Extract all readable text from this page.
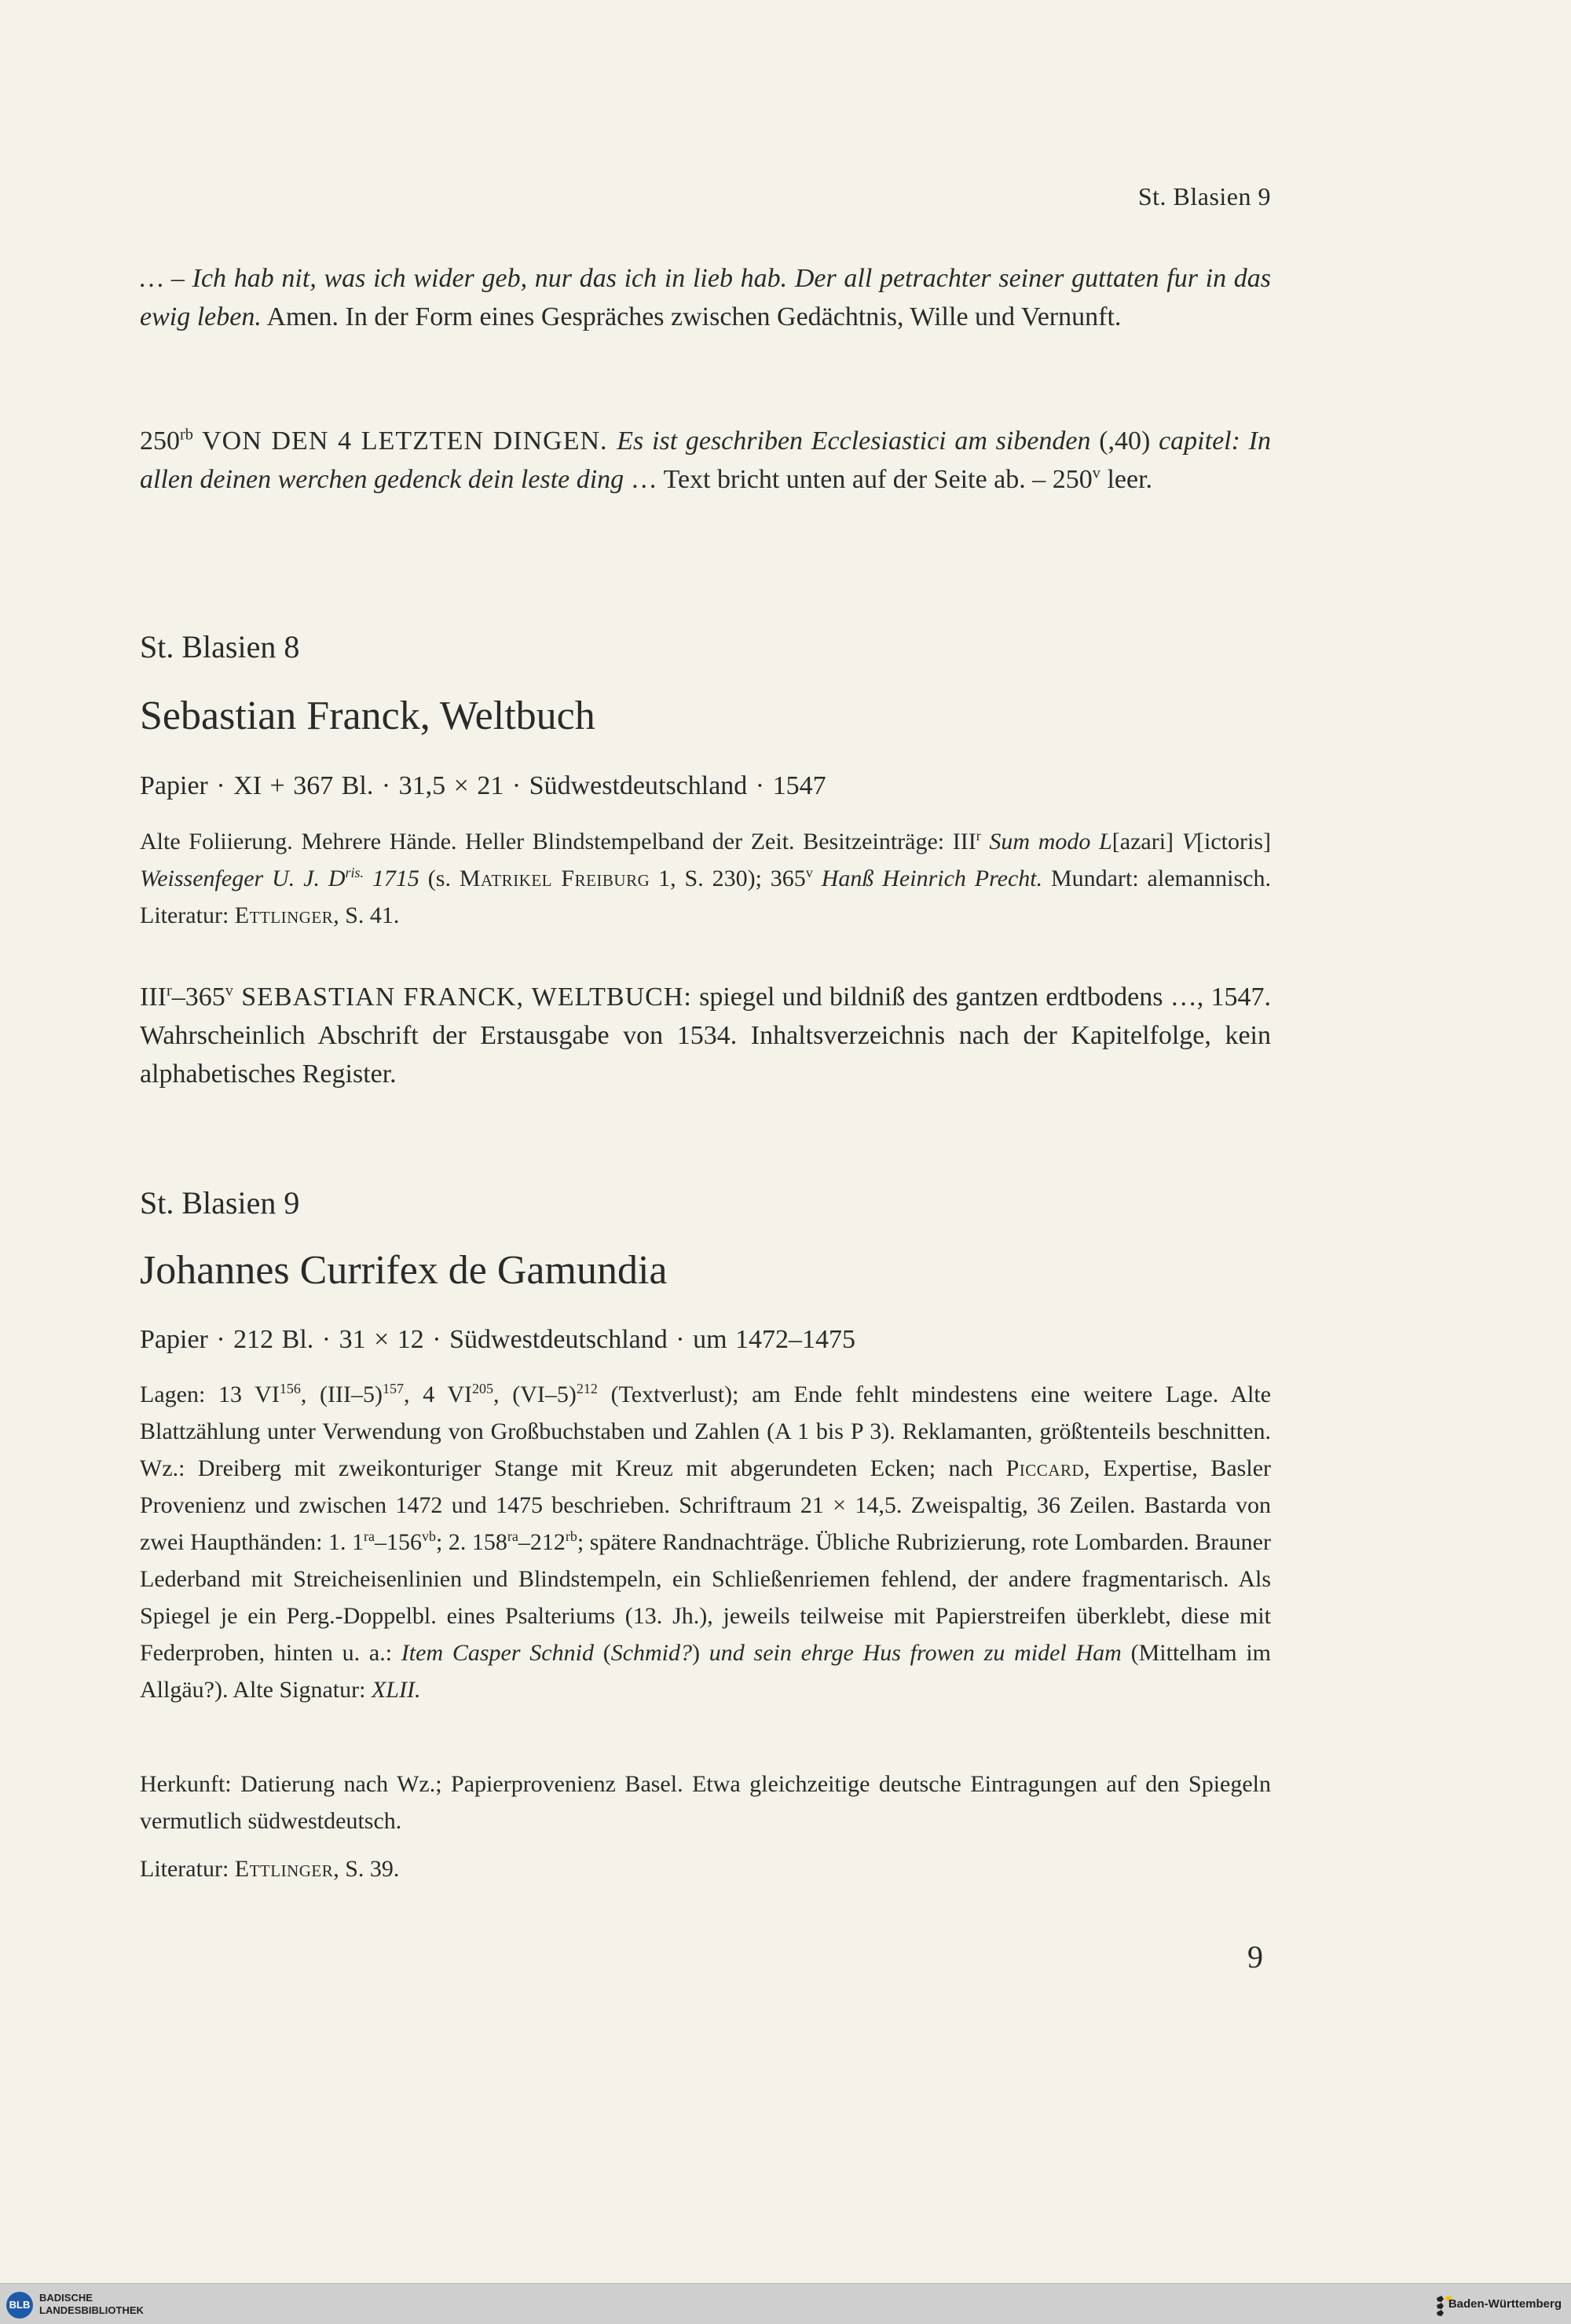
St. Blasien 9

… – Ich hab nit, was ich wider geb, nur das ich in lieb hab. Der all petrachter seiner guttaten fur in das ewig leben. Amen. In der Form eines Gespräches zwischen Gedächtnis, Wille und Vernunft.

$250^{rb}$ VON DEN 4 LETZTEN DINGEN. Es ist geschriben Ecclesiastici am sibenden (,40) capitel: In allen deinen werchen gedenck dein leste ding … Text bricht unten auf der Seite ab. – 250$^v$ leer.

St. Blasien 8
Sebastian Franck, Weltbuch
Papier · XI + 367 Bl. · 31,5 × 21 · Südwestdeutschland · 1547

Alte Foliierung. Mehrere Hände. Heller Blindstempelband der Zeit. Besitzeinträge: III$^r$ Sum modo L[azari] V[ictoris] Weissenfeger U. J. $D^{ris.}$ 1715 (s. Matrikel Freiburg 1, S. 230); 365$^v$ Hanß Heinrich Precht. Mundart: alemannisch. Literatur: Ettlinger, S. 41.

III$^r$–365$^v$ SEBASTIAN FRANCK, WELTBUCH: spiegel und bildniß des gantzen erdtbodens …, 1547. Wahrscheinlich Abschrift der Erstausgabe von 1534. Inhaltsverzeichnis nach der Kapitelfolge, kein alphabetisches Register.

St. Blasien 9
Johannes Currifex de Gamundia
Papier · 212 Bl. · 31 × 12 · Südwestdeutschland · um 1472–1475

Lagen: 13 VI$^{156}$, $(III-5)^{157}$, 4 VI$^{205}$, $(VI-5)^{212}$ (Textverlust); am Ende fehlt mindestens eine weitere Lage. Alte Blattzählung unter Verwendung von Großbuchstaben und Zahlen (A 1 bis P 3). Reklamanten, größtenteils beschnitten. Wz.: Dreiberg mit zweikonturiger Stange mit Kreuz mit abgerundeten Ecken; nach Piccard, Expertise, Basler Provenienz und zwischen 1472 und 1475 beschrieben. Schriftraum 21 × 14,5. Zweispaltig, 36 Zeilen. Bastarda von zwei Haupthänden: 1. $1^{ra}-156^{vb}$; 2. $158^{ra}-212^{rb}$; spätere Randnachträge. Übliche Rubrizierung, rote Lombarden. Brauner Lederband mit Streicheisenlinien und Blindstempeln, ein Schließenriemen fehlend, der andere fragmentarisch. Als Spiegel je ein Perg.-Doppelbl. eines Psalteriums (13. Jh.), jeweils teilweise mit Papierstreifen überklebt, diese mit Federproben, hinten u. a.: Item Casper Schnid (Schmid?) und sein ehrge Hus frowen zu midel Ham (Mittelham im Allgäu?). Alte Signatur: XLII.

Herkunft: Datierung nach Wz.; Papierprovenienz Basel. Etwa gleichzeitige deutsche Eintragungen auf den Spiegeln vermutlich südwestdeutsch.

Literatur: Ettlinger, S. 39.

9
BLB
BADISCHE
LANDESBIBLIOTHEK	Baden-Württemberg
